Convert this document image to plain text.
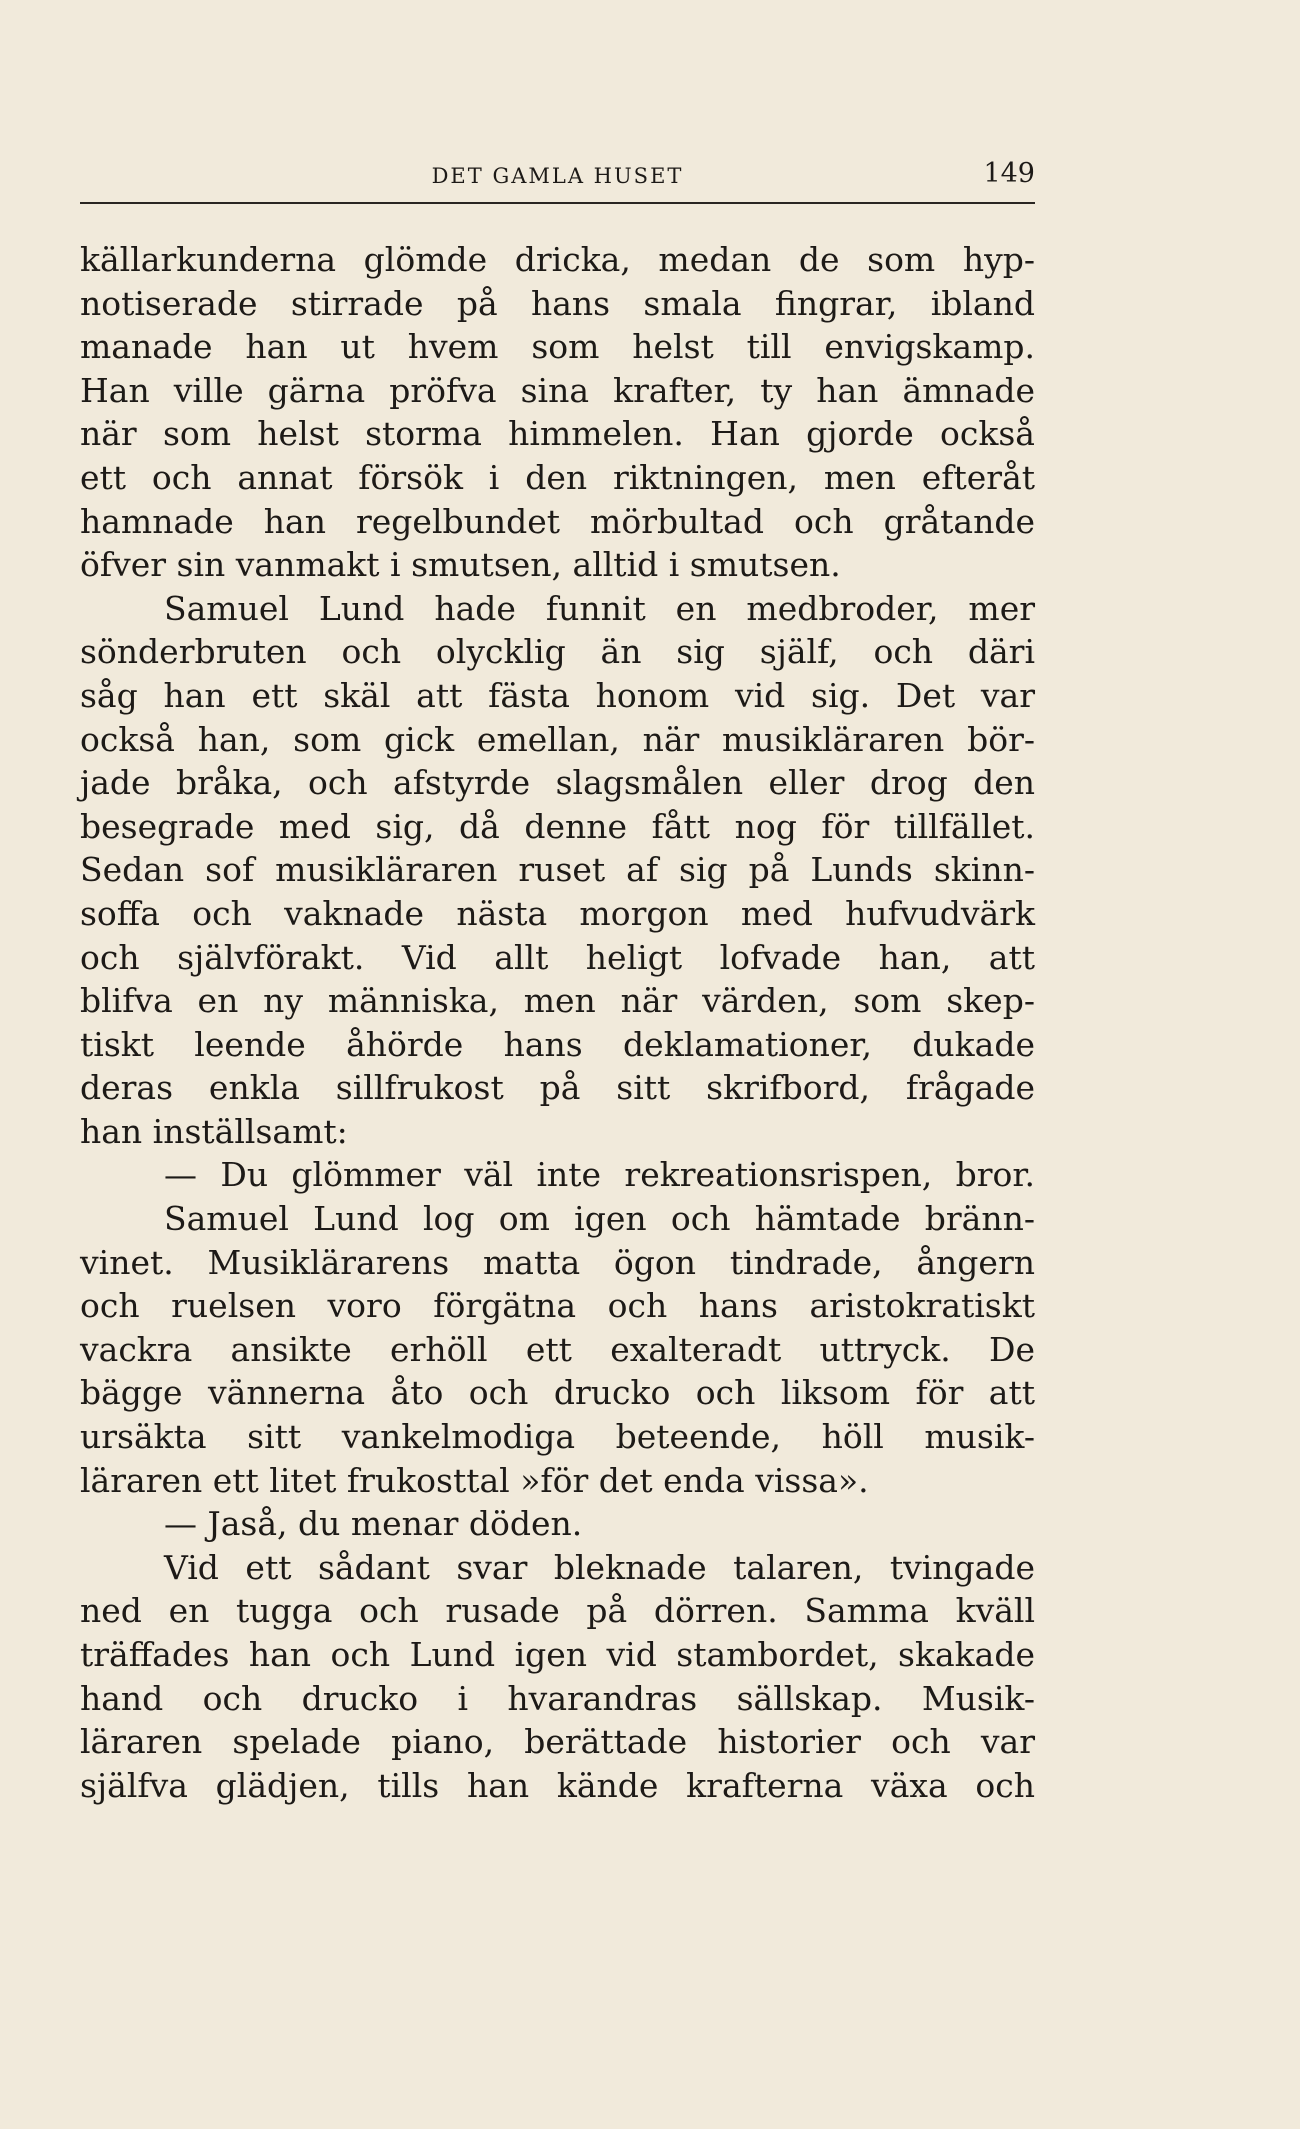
DET GAMLA HUSET	149
källarkunderna glömde dricka, medan de som hyp-
notiserade stirrade på hans smala fingrar, ibland
manade han ut hvem som helst till envigskamp.
Han ville gärna pröfva sina krafter, ty han ämnade
när som helst storma himmelen. Han gjorde också
ett och annat försök i den riktningen, men efteråt
hamnade han regelbundet mörbultad och gråtande
öfver sin vanmakt i smutsen, alltid i smutsen.
Samuel Lund hade funnit en medbroder, mer
sönderbruten och olycklig än sig själf, och däri
såg han ett skäl att fästa honom vid sig. Det var
också han, som gick emellan, när musikläraren bör-
jade bråka, och afstyrde slagsmålen eller drog den
besegrade med sig, då denne fått nog för tillfället.
Sedan sof musikläraren ruset af sig på Lunds skinn-
soffa och vaknade nästa morgon med hufvudvärk
och självförakt. Vid allt heligt lofvade han, att
blifva en ny människa, men när värden, som skep-
tiskt leende åhörde hans deklamationer, dukade
deras enkla sillfrukost på sitt skrifbord, frågade
han inställsamt:
— Du glömmer väl inte rekreationsrispen, bror.
Samuel Lund log om igen och hämtade bränn-
vinet. Musiklärarens matta ögon tindrade, ångern
och ruelsen voro förgätna och hans aristokratiskt
vackra ansikte erhöll ett exalteradt uttryck. De
bägge vännerna åto och drucko och liksom för att
ursäkta sitt vankelmodiga beteende, höll musik-
läraren ett litet frukosttal »för det enda vissa».
— Jaså, du menar döden.
Vid ett sådant svar bleknade talaren, tvingade
ned en tugga och rusade på dörren. Samma kväll
träffades han och Lund igen vid stambordet, skakade
hand och drucko i hvarandras sällskap. Musik-
läraren spelade piano, berättade historier och var
själfva glädjen, tills han kände krafterna växa och
